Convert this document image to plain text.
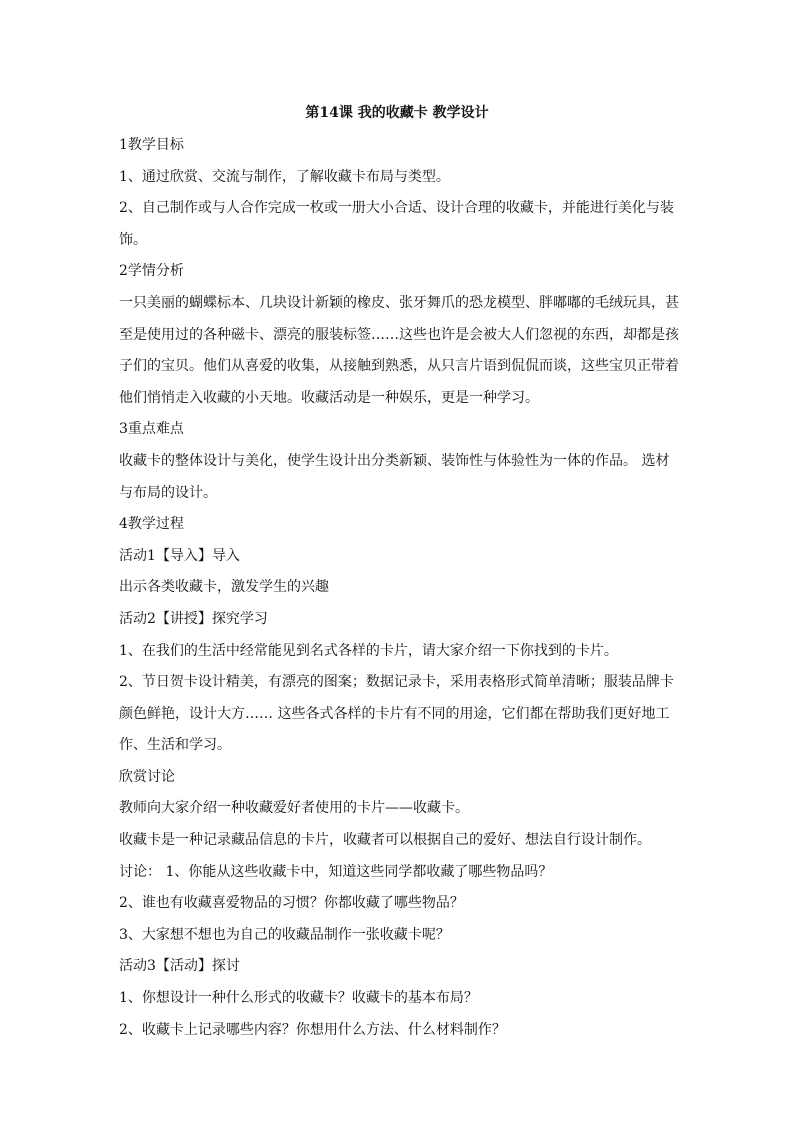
第14课 我的收藏卡 教学设计

1教学目标

1、通过欣赏、交流与制作，了解收藏卡布局与类型。

2、自己制作或与人合作完成一枚或一册大小合适、设计合理的收藏卡，并能进行美化与装

饰。

2学情分析

一只美丽的蝴蝶标本、几块设计新颖的橡皮、张牙舞爪的恐龙模型、胖嘟嘟的毛绒玩具，甚

至是使用过的各种磁卡、漂亮的服装标签……这些也许是会被大人们忽视的东西，却都是孩

子们的宝贝。他们从喜爱的收集，从接触到熟悉，从只言片语到侃侃而谈，这些宝贝正带着

他们悄悄走入收藏的小天地。收藏活动是一种娱乐，更是一种学习。

3重点难点

收藏卡的整体设计与美化，使学生设计出分类新颖、装饰性与体验性为一体的作品。 选材

与布局的设计。

4教学过程

活动1【导入】导入

出示各类收藏卡，激发学生的兴趣

活动2【讲授】探究学习

1、在我们的生活中经常能见到名式各样的卡片，请大家介绍一下你找到的卡片。

2、节日贺卡设计精美，有漂亮的图案；数据记录卡，采用表格形式简单清晰；服装品牌卡

颜色鲜艳，设计大方…… 这些各式各样的卡片有不同的用途，它们都在帮助我们更好地工

作、生活和学习。

欣赏讨论

教师向大家介绍一种收藏爱好者使用的卡片——收藏卡。

收藏卡是一种记录藏品信息的卡片，收藏者可以根据自己的爱好、想法自行设计制作。

讨论： 1、你能从这些收藏卡中，知道这些同学都收藏了哪些物品吗？

2、谁也有收藏喜爱物品的习惯？你都收藏了哪些物品？

3、大家想不想也为自己的收藏品制作一张收藏卡呢？

活动3【活动】探讨

1、你想设计一种什么形式的收藏卡？收藏卡的基本布局？

2、收藏卡上记录哪些内容？你想用什么方法、什么材料制作？
